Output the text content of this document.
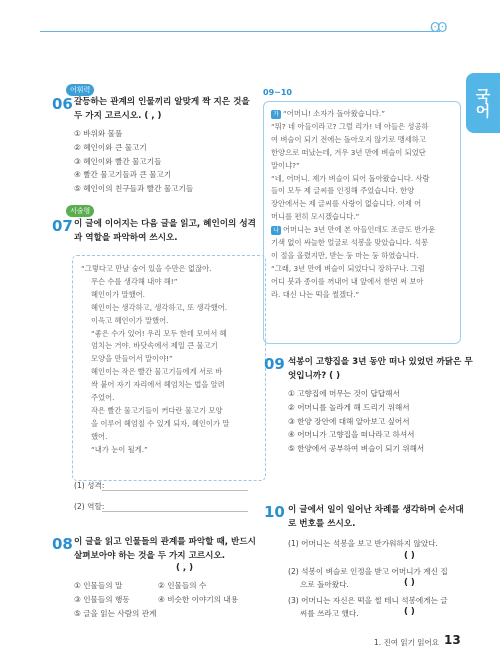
ʘʘ
국어
어휘력
06 갈등하는 관계의 인물끼리 알맞게 짝 지은 것을
두 가지 고르시오. ( , )
① 바위와 물풀
② 혜인이와 큰 물고기
③ 혜인이와 빨간 물고기들
④ 빨간 물고기들과 큰 물고기
⑤ 혜인이의 친구들과 빨간 물고기들
서술형
07 이 글에 이어지는 다음 글을 읽고, 혜인이의 성격
과 역할을 파악하여 쓰시오.
“그렇다고 만날 숨어 있을 수만은 없잖아.
무슨 수를 생각해 내야 해!”
혜인이가 말했어.
혜인이는 생각하고, 생각하고, 또 생각했어.
이윽고 혜인이가 말했어.
“좋은 수가 있어! 우리 모두 한데 모여서 헤
엄치는 거야. 바닷속에서 제일 큰 물고기
모양을 만들어서 말이야!”
혜인이는 작은 빨간 물고기들에게 서로 바
싹 붙어 자기 자리에서 헤엄치는 법을 알려
주었어.
작은 빨간 물고기들이 커다란 물고기 모양
을 이루어 헤엄칠 수 있게 되자, 혜인이가 말
했어.
“내가 눈이 될게.”
(1) 성격:
(2) 역할:
08 이 글을 읽고 인물들의 관계를 파악할 때, 반드시
살펴보아야 하는 것을 두 가지 고르시오.
( , )
① 인물들의 말	② 인물들의 수
③ 인물들의 행동	④ 비슷한 이야기의 내용
⑤ 글을 읽는 사람의 관계
09~10
가 “어머니! 소자가 돌아왔습니다.”
“뭐? 네 아들이라고? 그럴 리가! 네 아들은 성공하
여 벼슬이 되기 전에는 돌아오지 않기로 맹세하고
한양으로 떠났는데, 겨우 3년 만에 벼슬이 되었단
말이냐?”
“네, 어머니. 제가 벼슬이 되어 돌아왔습니다. 사람
들이 모두 제 글씨를 인정해 주었습니다. 한양
장안에서는 제 글씨를 사랑이 없습니다. 이제 어
머니를 편히 모시겠습니다.”
나 어머니는 3년 만에 본 아들인데도 조금도 반가운
기색 없이 싸늘한 얼굴로 석봉을 맞았습니다. 석봉
이 절을 올렸지만, 받는 둥 마는 둥 하였습니다.
“그래, 3년 만에 벼슬이 되었다니 장하구나. 그럼
어디 붓과 종이를 꺼내어 내 앞에서 한번 써 보아
라. 대신 나는 떡을 썰겠다.”
09 석봉이 고향집을 3년 동안 떠나 있었던 까닭은 무
엇입니까? ( )
① 고향집에 머무는 것이 답답해서
② 어머니를 놀라게 해 드리기 위해서
③ 한양 장안에 대해 알아보고 싶어서
④ 어머니가 고향집을 떠나라고 하셔서
⑤ 한양에서 공부하여 벼슬이 되기 위해서
10 이 글에서 일이 일어난 차례를 생각하며 순서대
로 번호를 쓰시오.
(1) 어머니는 석봉을 보고 반가워하지 않았다.
( )
(2) 석봉이 벼슬로 인정을 받고 어머니가 계신 집
으로 돌아왔다.	( )
(3) 어머니는 자신은 떡을 썰 테니 석봉에게는 글
씨를 쓰라고 했다.	( )
1. 진여 읽기 읽어요 13
